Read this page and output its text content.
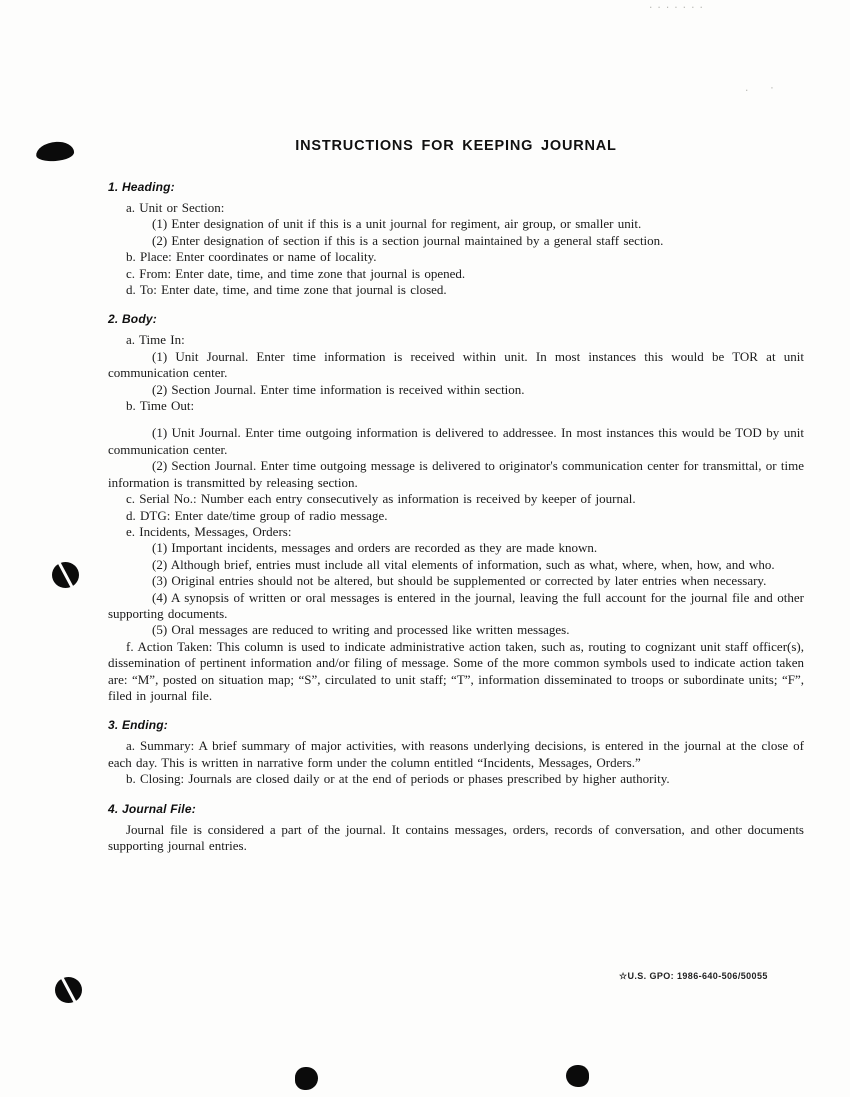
.......
.  ·
INSTRUCTIONS FOR KEEPING JOURNAL
1. Heading:

a. Unit or Section:

(1) Enter designation of unit if this is a unit journal for regiment, air group, or smaller unit.

(2) Enter designation of section if this is a section journal maintained by a general staff section.

b. Place: Enter coordinates or name of locality.

c. From: Enter date, time, and time zone that journal is opened.

d. To: Enter date, time, and time zone that journal is closed.

2. Body:

a. Time In:

(1) Unit Journal. Enter time information is received within unit. In most instances this would be TOR at unit communication center.

(2) Section Journal. Enter time information is received within section.

b. Time Out:

(1) Unit Journal. Enter time outgoing information is delivered to addressee. In most instances this would be TOD by unit communication center.

(2) Section Journal. Enter time outgoing message is delivered to originator's communication center for transmittal, or time information is transmitted by releasing section.

c. Serial No.: Number each entry consecutively as information is received by keeper of journal.

d. DTG: Enter date/time group of radio message.

e. Incidents, Messages, Orders:

(1) Important incidents, messages and orders are recorded as they are made known.

(2) Although brief, entries must include all vital elements of information, such as what, where, when, how, and who.

(3) Original entries should not be altered, but should be supplemented or corrected by later entries when necessary.

(4) A synopsis of written or oral messages is entered in the journal, leaving the full account for the journal file and other supporting documents.

(5) Oral messages are reduced to writing and processed like written messages.

f. Action Taken: This column is used to indicate administrative action taken, such as, routing to cognizant unit staff officer(s), dissemination of pertinent information and/or filing of message. Some of the more common symbols used to indicate action taken are: “M”, posted on situation map; “S”, circulated to unit staff; “T”, information disseminated to troops or subordinate units; “F”, filed in journal file.

3. Ending:

a. Summary: A brief summary of major activities, with reasons underlying decisions, is entered in the journal at the close of each day. This is written in narrative form under the column entitled “Incidents, Messages, Orders.”

b. Closing: Journals are closed daily or at the end of periods or phases prescribed by higher authority.

4. Journal File:

Journal file is considered a part of the journal. It contains messages, orders, records of conversation, and other documents supporting journal entries.

☆U.S. GPO: 1986-640-506/50055
